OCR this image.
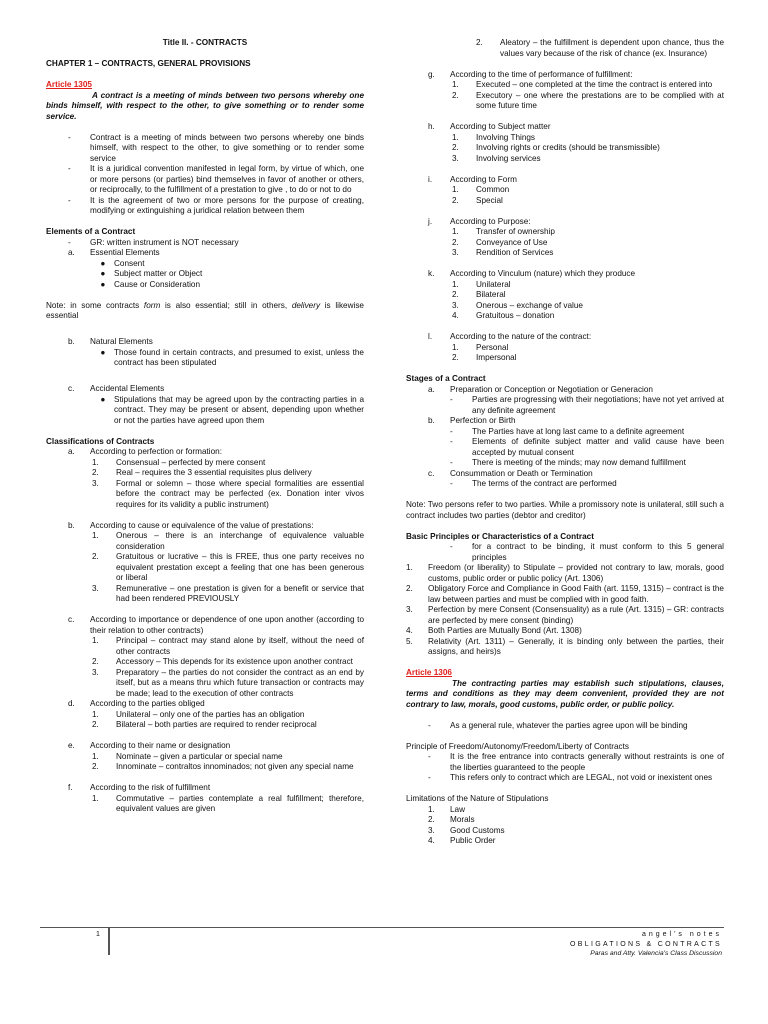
Title II. - CONTRACTS
CHAPTER 1 – CONTRACTS, GENERAL PROVISIONS
Article 1305
A contract is a meeting of minds between two persons whereby one binds himself, with respect to the other, to give something or to render some service.
-	Contract is a meeting of minds between two persons whereby one binds himself, with respect to the other, to give something or to render some service
-	It is a juridical convention manifested in legal form, by virtue of which, one or more persons (or parties) bind themselves in favor of another or others, or reciprocally, to the fulfillment of a prestation to give , to do or not to do
-	It is the agreement of two or more persons for the purpose of creating, modifying or extinguishing a juridical relation between them
Elements of a Contract
-	GR: written instrument is NOT necessary
a.	Essential Elements
●	Consent
●	Subject matter or Object
●	Cause or Consideration
Note: in some contracts form is also essential; still in others, delivery is likewise essential
b.	Natural Elements
●	Those found in certain contracts, and presumed to exist, unless the contract has been stipulated
c.	Accidental Elements
●	Stipulations that may be agreed upon by the contracting parties in a contract. They may be present or absent, depending upon whether or not the parties have agreed upon them
Classifications of Contracts
a.	According to perfection or formation:
1.	Consensual – perfected by mere consent
2.	Real – requires the 3 essential requisites plus delivery
3.	Formal or solemn – those where special formalities are essential before the contract may be perfected (ex. Donation inter vivos requires for its validity a public instrument)
b.	According to cause or equivalence of the value of prestations:
1.	Onerous – there is an interchange of equivalence valuable consideration
2.	Gratuitous or lucrative – this is FREE, thus one party receives no equivalent prestation except a feeling that one has been generous or liberal
3.	Remunerative – one prestation is given for a benefit or service that had been rendered PREVIOUSLY
c.	According to importance or dependence of one upon another (according to their relation to other contracts)
1.	Principal – contract may stand alone by itself, without the need of other contracts
2.	Accessory – This depends for its existence upon another contract
3.	Preparatory – the parties do not consider the contract as an end by itself, but as a means thru which future transaction or contracts may be made; lead to the execution of other contracts
d.	According to the parties obliged
1.	Unilateral – only one of the parties has an obligation
2.	Bilateral – both parties are required to render reciprocal
e.	According to their name or designation
1.	Nominate – given a particular or special name
2.	Innominate – contraltos innominados; not given any special name
f.	According to the risk of fulfillment
1.	Commutative – parties contemplate a real fulfillment; therefore, equivalent values are given
2.	Aleatory – the fulfillment is dependent upon chance, thus the values vary because of the risk of chance (ex. Insurance)
g.	According to the time of performance of fulfillment:
1.	Executed – one completed at the time the contract is entered into
2.	Executory – one where the prestations are to be complied with at some future time
h.	According to Subject matter
1.	Involving Things
2.	Involving rights or credits (should be transmissible)
3.	Involving services
i.	According to Form
1.	Common
2.	Special
j.	According to Purpose:
1.	Transfer of ownership
2.	Conveyance of Use
3.	Rendition of Services
k.	According to Vinculum (nature) which they produce
1.	Unilateral
2.	Bilateral
3.	Onerous – exchange of value
4.	Gratuitous – donation
l.	According to the nature of the contract:
1.	Personal
2.	Impersonal
Stages of a Contract
a.	Preparation or Conception or Negotiation or Generacion
-	Parties are progressing with their negotiations; have not yet arrived at any definite agreement
b.	Perfection or Birth
-	The Parties have at long last came to a definite agreement
-	Elements of definite subject matter and valid cause have been accepted by mutual consent
-	There is meeting of the minds; may now demand fulfillment
c.	Consummation or Death or Termination
-	The terms of the contract are performed
Note: Two persons refer to two parties. While a promissory note is unilateral, still such a contract includes two parties (debtor and creditor)
Basic Principles or Characteristics of a Contract
-	for a contract to be binding, it must conform to this 5 general principles
1.	Freedom (or liberality) to Stipulate – provided not contrary to law, morals, good customs, public order or public policy (Art. 1306)
2.	Obligatory Force and Compliance in Good Faith (art. 1159, 1315) – contract is the law between parties and must be complied with in good faith.
3.	Perfection by mere Consent (Consensuality) as a rule (Art. 1315) – GR: contracts are perfected by mere consent (binding)
4.	Both Parties are Mutually Bond (Art. 1308)
5.	Relativity (Art. 1311) – Generally, it is binding only between the parties, their assigns, and heirs)s
Article 1306
The contracting parties may establish such stipulations, clauses, terms and conditions as they may deem convenient, provided they are not contrary to law, morals, good customs, public order, or public policy.
-	As a general rule, whatever the parties agree upon will be binding
Principle of Freedom/Autonomy/Freedom/Liberty of Contracts
-	It is the free entrance into contracts generally without restraints is one of the liberties guaranteed to the people
-	This refers only to contract which are LEGAL, not void or inexistent ones
Limitations of the Nature of Stipulations
1.	Law
2.	Morals
3.	Good Customs
4.	Public Order
1	angel's notes
OBLIGATIONS & CONTRACTS
Paras and Atty. Valencia's Class Discussion
